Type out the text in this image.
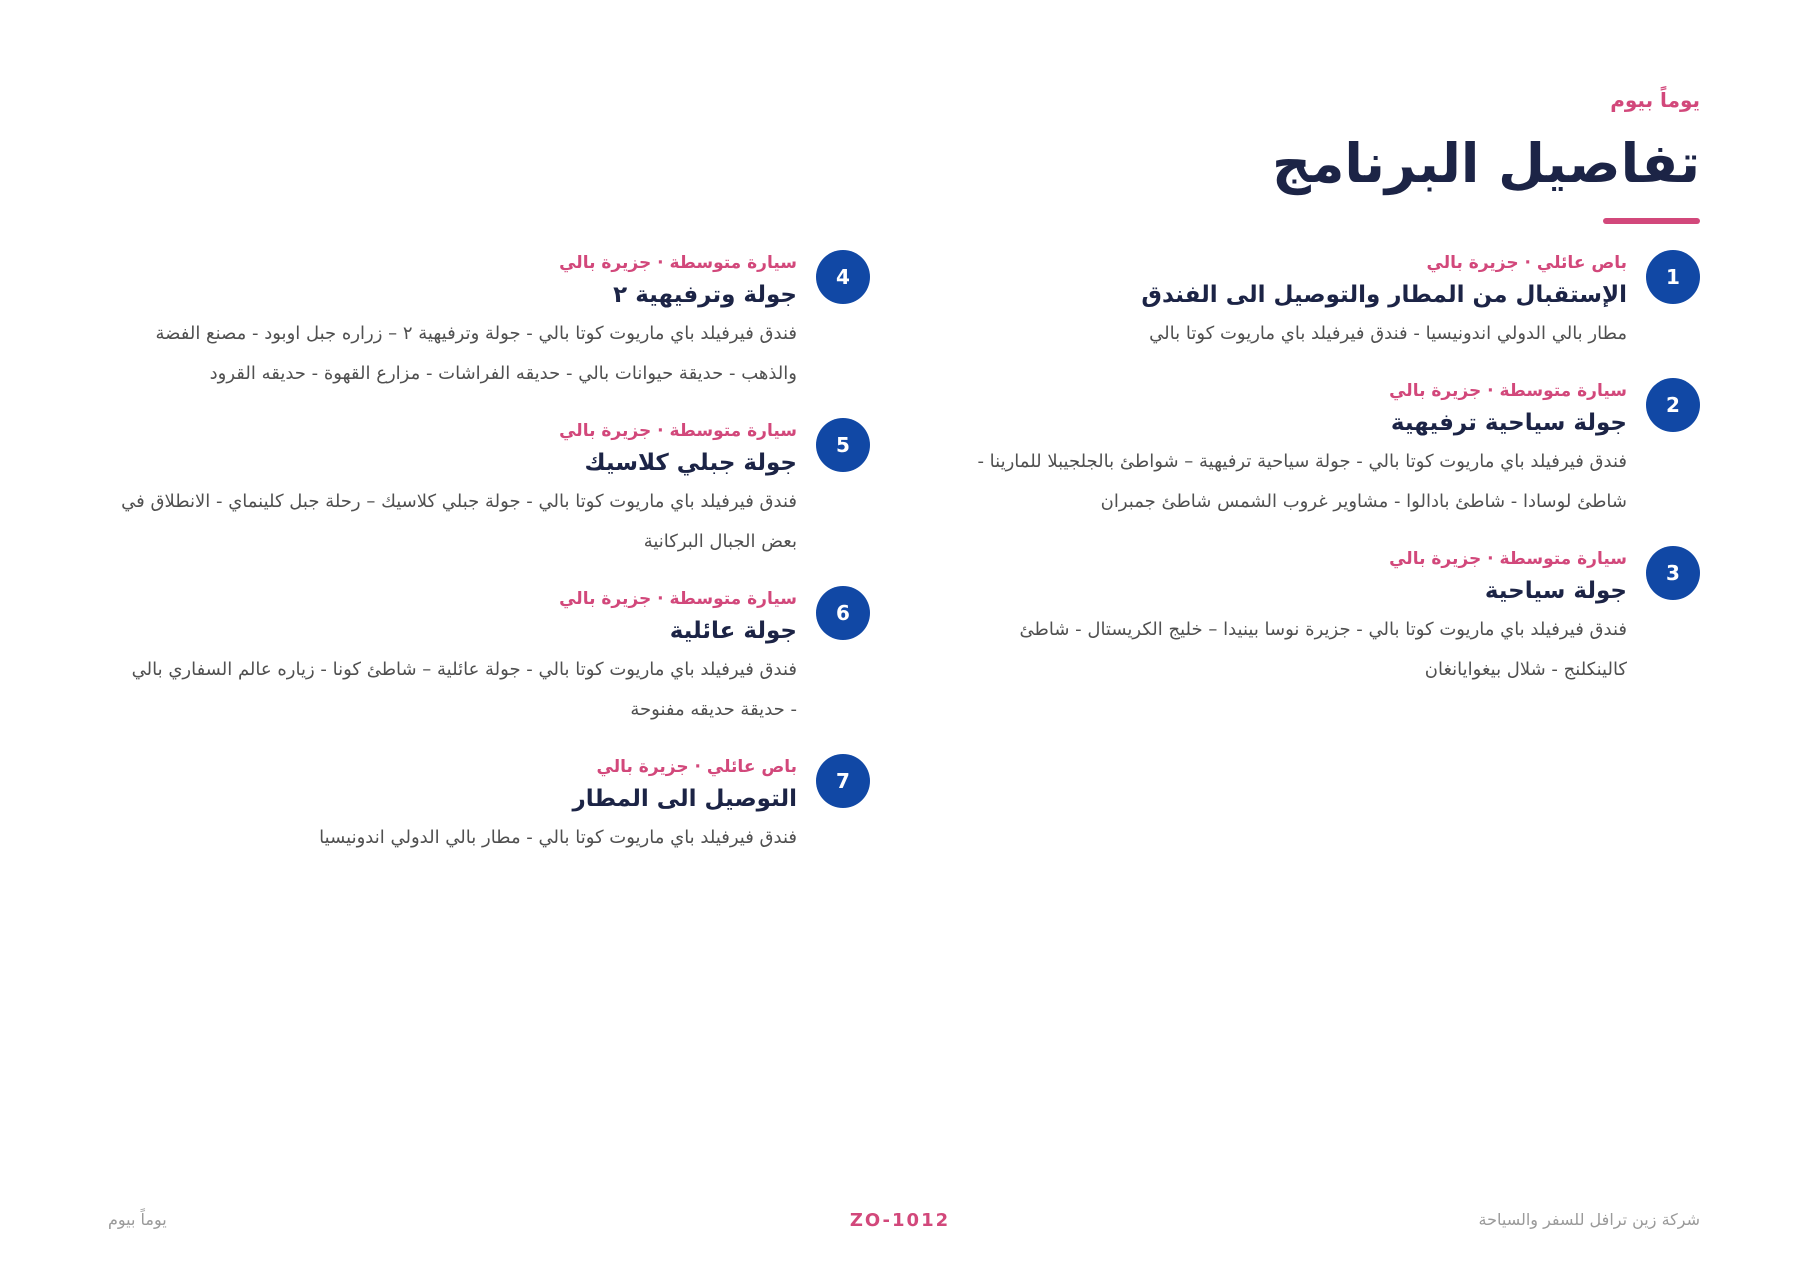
يوماً بيوم
تفاصيل البرنامج
1
باص عائلي · جزيرة بالي
الإستقبال من المطار والتوصيل الى الفندق
مطار بالي الدولي اندونيسيا - فندق فيرفيلد باي ماريوت كوتا بالي
2
سيارة متوسطة · جزيرة بالي
جولة سياحية ترفيهية
فندق فيرفيلد باي ماريوت كوتا بالي - جولة سياحية ترفيهية – شواطئ بالجلجيبلا للمارينا - شاطئ لوسادا - شاطئ بادالوا - مشاوير غروب الشمس شاطئ جمبران
3
سيارة متوسطة · جزيرة بالي
جولة سياحية
فندق فيرفيلد باي ماريوت كوتا بالي - جزيرة نوسا بينيدا – خليج الكريستال - شاطئ كالينكلنج - شلال بيغوايانغان
4
سيارة متوسطة · جزيرة بالي
جولة وترفيهية ٢
فندق فيرفيلد باي ماريوت كوتا بالي - جولة وترفيهية ٢ – زراره جبل اوبود - مصنع الفضة والذهب - حديقة حيوانات بالي - حديقه الفراشات - مزارع القهوة - حديقه القرود
5
سيارة متوسطة · جزيرة بالي
جولة جبلي كلاسيك
فندق فيرفيلد باي ماريوت كوتا بالي - جولة جبلي كلاسيك – رحلة جبل كلينماي - الانطلاق في بعض الجبال البركانية
6
سيارة متوسطة · جزيرة بالي
جولة عائلية
فندق فيرفيلد باي ماريوت كوتا بالي - جولة عائلية – شاطئ كونا - زياره عالم السفاري بالي - حديقة حديقه مفنوحة
7
باص عائلي · جزيرة بالي
التوصيل الى المطار
فندق فيرفيلد باي ماريوت كوتا بالي - مطار بالي الدولي اندونيسيا
يوماً بيوم	ZO-1012	شركة زين ترافل للسفر والسياحة
